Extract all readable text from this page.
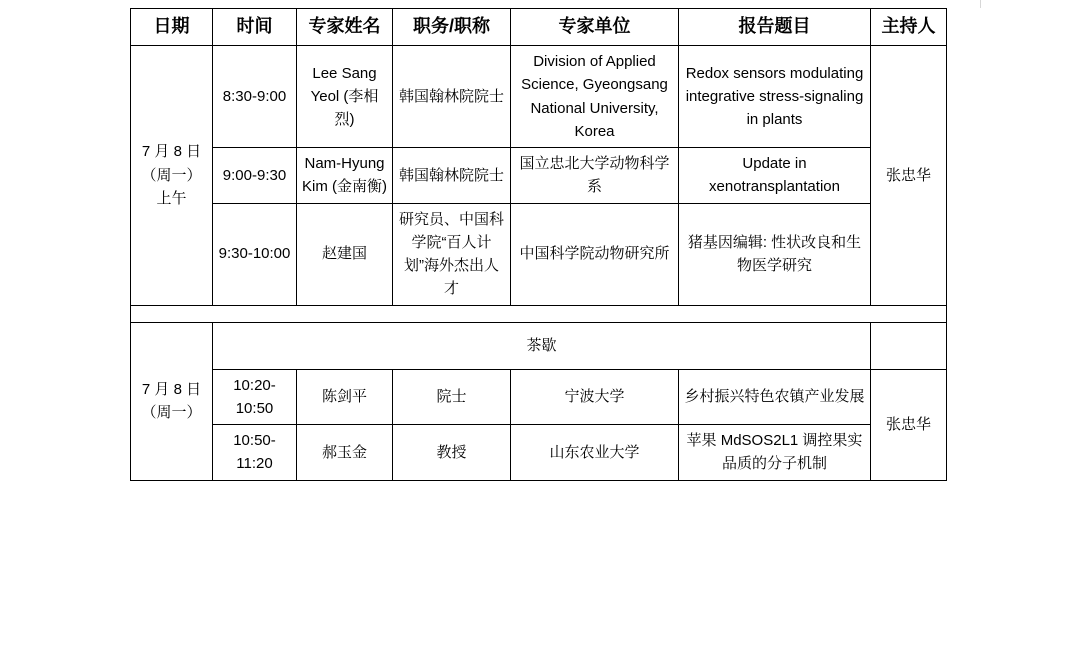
日期	时间	专家姓名	职务/职称	专家单位	报告题目	主持人
7 月 8 日
（周一）
上午	8:30-9:00	Lee Sang Yeol (李相烈)	韩国翰林院院士	Division of Applied Science, Gyeongsang National University, Korea	Redox sensors modulating integrative stress-signaling in plants	张忠华
	9:00-9:30	Nam-Hyung Kim (金南衡)	韩国翰林院院士	国立忠北大学动物科学系	Update in xenotransplantation	
	9:30-10:00	赵建国	研究员、中国科学院“百人计划”海外杰出人才	中国科学院动物研究所	猪基因编辑: 性状改良和生物医学研究	

7 月 8 日
（周一）	茶歇					
	10:20-10:50	陈剑平	院士	宁波大学	乡村振兴特色农镇产业发展	张忠华
	10:50-11:20	郝玉金	教授	山东农业大学	苹果 MdSOS2L1 调控果实品质的分子机制	
